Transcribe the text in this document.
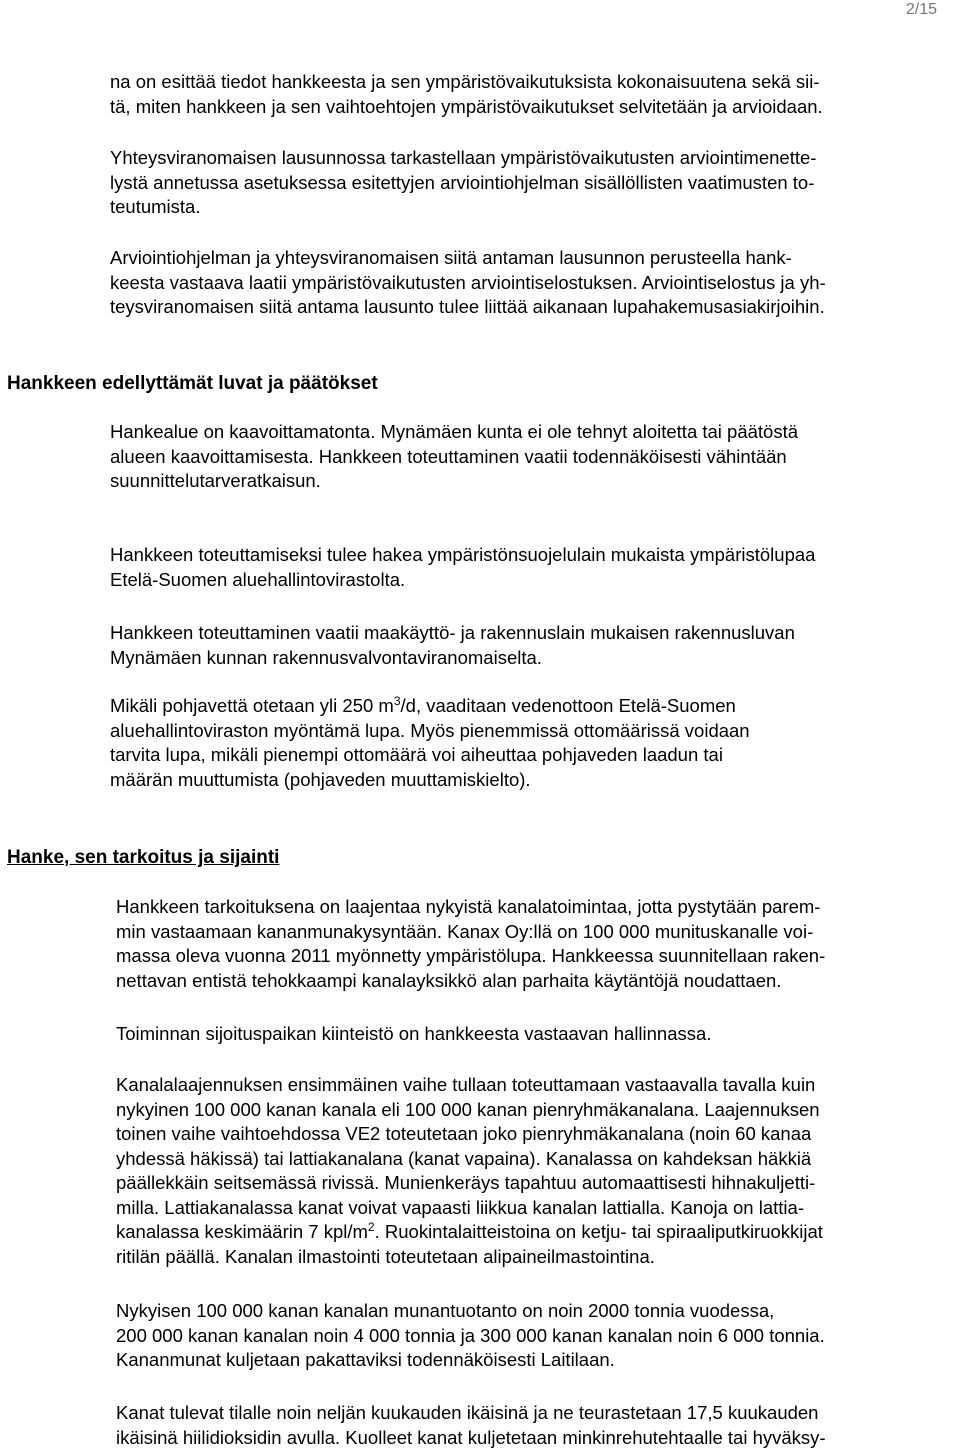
2/15
na on esittää tiedot hankkeesta ja sen ympäristövaikutuksista kokonaisuutena sekä sii-
tä, miten hankkeen ja sen vaihtoehtojen ympäristövaikutukset selvitetään ja arvioidaan.
Yhteysviranomaisen lausunnossa tarkastellaan ympäristövaikutusten arviointimenette-
lystä annetussa asetuksessa esitettyjen arviointiohjelman sisällöllisten vaatimusten to-
teutumista.
Arviointiohjelman ja yhteysviranomaisen siitä antaman lausunnon perusteella hank-
keesta vastaava laatii ympäristövaikutusten arviointiselostuksen. Arviointiselostus ja yh-
teysviranomaisen siitä antama lausunto tulee liittää aikanaan lupahakemusasiakirjoihin.
Hankkeen edellyttämät luvat ja päätökset
Hankealue on kaavoittamatonta. Mynämäen kunta ei ole tehnyt aloitetta tai päätöstä
alueen kaavoittamisesta. Hankkeen toteuttaminen vaatii todennäköisesti vähintään
suunnittelutarveratkaisun.
Hankkeen toteuttamiseksi tulee hakea ympäristönsuojelulain mukaista ympäristölupaa
Etelä-Suomen aluehallintovirastolta.
Hankkeen toteuttaminen vaatii maakäyttö- ja rakennuslain mukaisen rakennusluvan
Mynämäen kunnan rakennusvalvontaviranomaiselta.
Mikäli pohjavettä otetaan yli 250 $m^3/d$, vaaditaan vedenottoon Etelä-Suomen
aluehallintoviraston myöntämä lupa. Myös pienemmissä ottomäärissä voidaan
tarvita lupa, mikäli pienempi ottomäärä voi aiheuttaa pohjaveden laadun tai
määrän muuttumista (pohjaveden muuttamiskielto).
Hanke, sen tarkoitus ja sijainti
Hankkeen tarkoituksena on laajentaa nykyistä kanalatoimintaa, jotta pystytään parem-
min vastaamaan kananmunakysyntään. Kanax Oy:llä on 100 000 munituskanalle voi-
massa oleva vuonna 2011 myönnetty ympäristölupa. Hankkeessa suunnitellaan raken-
nettavan entistä tehokkaampi kanalayksikkö alan parhaita käytäntöjä noudattaen.
Toiminnan sijoituspaikan kiinteistö on hankkeesta vastaavan hallinnassa.
Kanalalaajennuksen ensimmäinen vaihe tullaan toteuttamaan vastaavalla tavalla kuin
nykyinen 100 000 kanan kanala eli 100 000 kanan pienryhmäkanalana. Laajennuksen
toinen vaihe vaihtoehdossa VE2 toteutetaan joko pienryhmäkanalana (noin 60 kanaa
yhdessä häkissä) tai lattiakanalana (kanat vapaina). Kanalassa on kahdeksan häkkiä
päällekkäin seitsemässä rivissä. Munienkeräys tapahtuu automaattisesti hihnakuljetti-
milla. Lattiakanalassa kanat voivat vapaasti liikkua kanalan lattialla. Kanoja on lattia-
kanalassa keskimäärin 7 kpl/$m^2$. Ruokintalaitteistoina on ketju- tai spiraaliputkiruokkijat
ritilän päällä. Kanalan ilmastointi toteutetaan alipaineilmastointina.
Nykyisen 100 000 kanan kanalan munantuotanto on noin 2000 tonnia vuodessa,
200 000 kanan kanalan noin 4 000 tonnia ja 300 000 kanan kanalan noin 6 000 tonnia.
Kananmunat kuljetaan pakattaviksi todennäköisesti Laitilaan.
Kanat tulevat tilalle noin neljän kuukauden ikäisinä ja ne teurastetaan 17,5 kuukauden
ikäisinä hiilidioksidin avulla. Kuolleet kanat kuljetetaan minkinrehutehtaalle tai hyväksy-
